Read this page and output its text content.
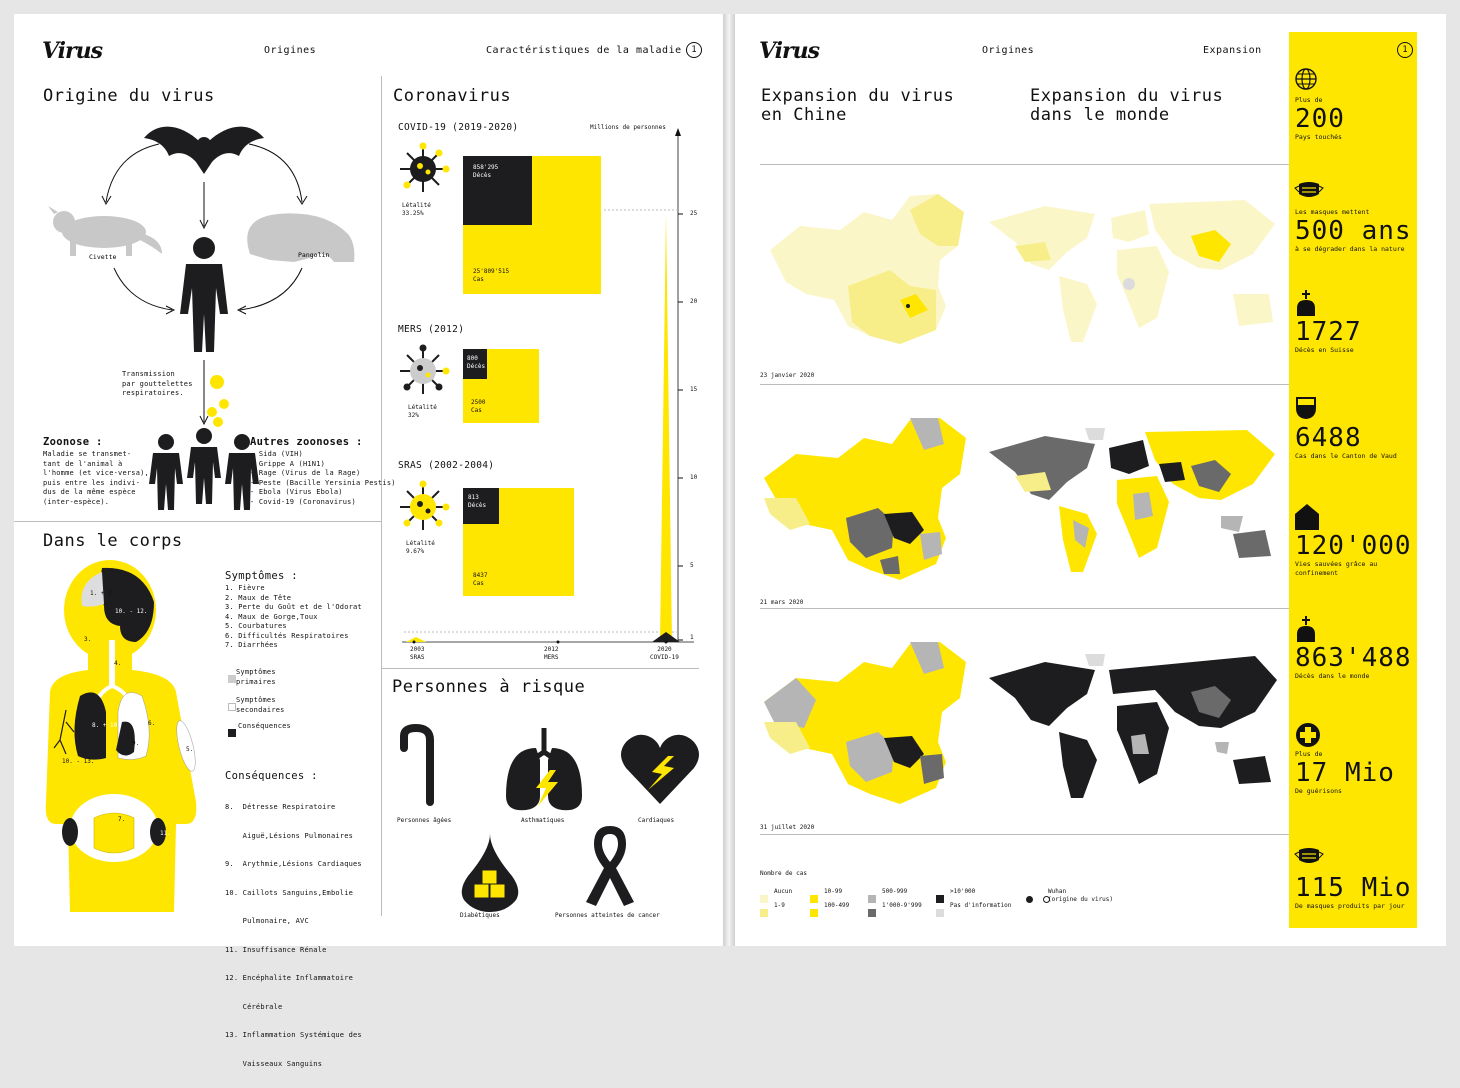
Virus	Origines	Caractéristiques de la maladie	1
Origine du virus
Civette	Pangolin
Transmission
par gouttelettes
respiratoires.
Zoonose :
Maladie se transmet-
tant de l'animal à
l'homme (et vice-versa),
puis entre les indivi-
dus de la même espèce
(inter-espèce).
Autres zoonoses :
- Sida (VIH)
- Grippe A (H1N1)
- Rage (Virus de la Rage)
- Peste (Bacille Yersinia Pestis)
- Ebola (Virus Ebola)
- Covid-19 (Coronavirus)
Dans le corps
1. + 2.
10. - 12.
3.
4.
8. + 10.
9.
6.
5.
10. - 13.
7.
11.	11.
Symptômes :
1. Fièvre
2. Maux de Tête
3. Perte du Goût et de l'Odorat
4. Maux de Gorge,Toux
5. Courbatures
6. Difficultés Respiratoires
7. Diarrhées
Symptômes
primaires
Symptômes
secondaires
Conséquences
Conséquences :

8.  Détresse Respiratoire

Aiguë,Lésions Pulmonaires

9.  Arythmie,Lésions Cardiaques

10. Caillots Sanguins,Embolie

Pulmonaire, AVC

11. Insuffisance Rénale

12. Encéphalite Inflammatoire

Cérébrale

13. Inflammation Systémique des

Vaisseaux Sanguins

Coronavirus
Millions de personnes
25
20
15
10
5
1
2003
SRAS
2012
MERS
2020
COVID-19
COVID-19 (2019-2020)
Létalité
33.25%
25'809'515
Cas
858'295
Décès
MERS (2012)
Létalité
32%
2500
Cas
800
Décès
SRAS (2002-2004)
Létalité
9.67%
8437
Cas
813
Décès
Personnes à risque
Personnes âgées	Asthmatiques	Cardiaques
Diabétiques	Personnes atteintes de cancer
Virus	Origines	Expansion
Expansion du virus
en Chine
Expansion du virus
dans le monde
23 janvier 2020
21 mars 2020
31 juillet 2020
Nombre de cas
Aucun
1-9
10-99
100-499
500-999
1'000-9'999
>10'000
Pas d'information

Wuhan
(origine du virus)
1
Plus de
200
Pays touchés
Les masques mettent
500 ans
à se dégrader dans la nature
1727
Décès en Suisse
6488
Cas dans le Canton de Vaud
120'000
Vies sauvées grâce au confinement
863'488
Décès dans le monde
Plus de
17 Mio
De guérisons
115 Mio
De masques produits par jour
